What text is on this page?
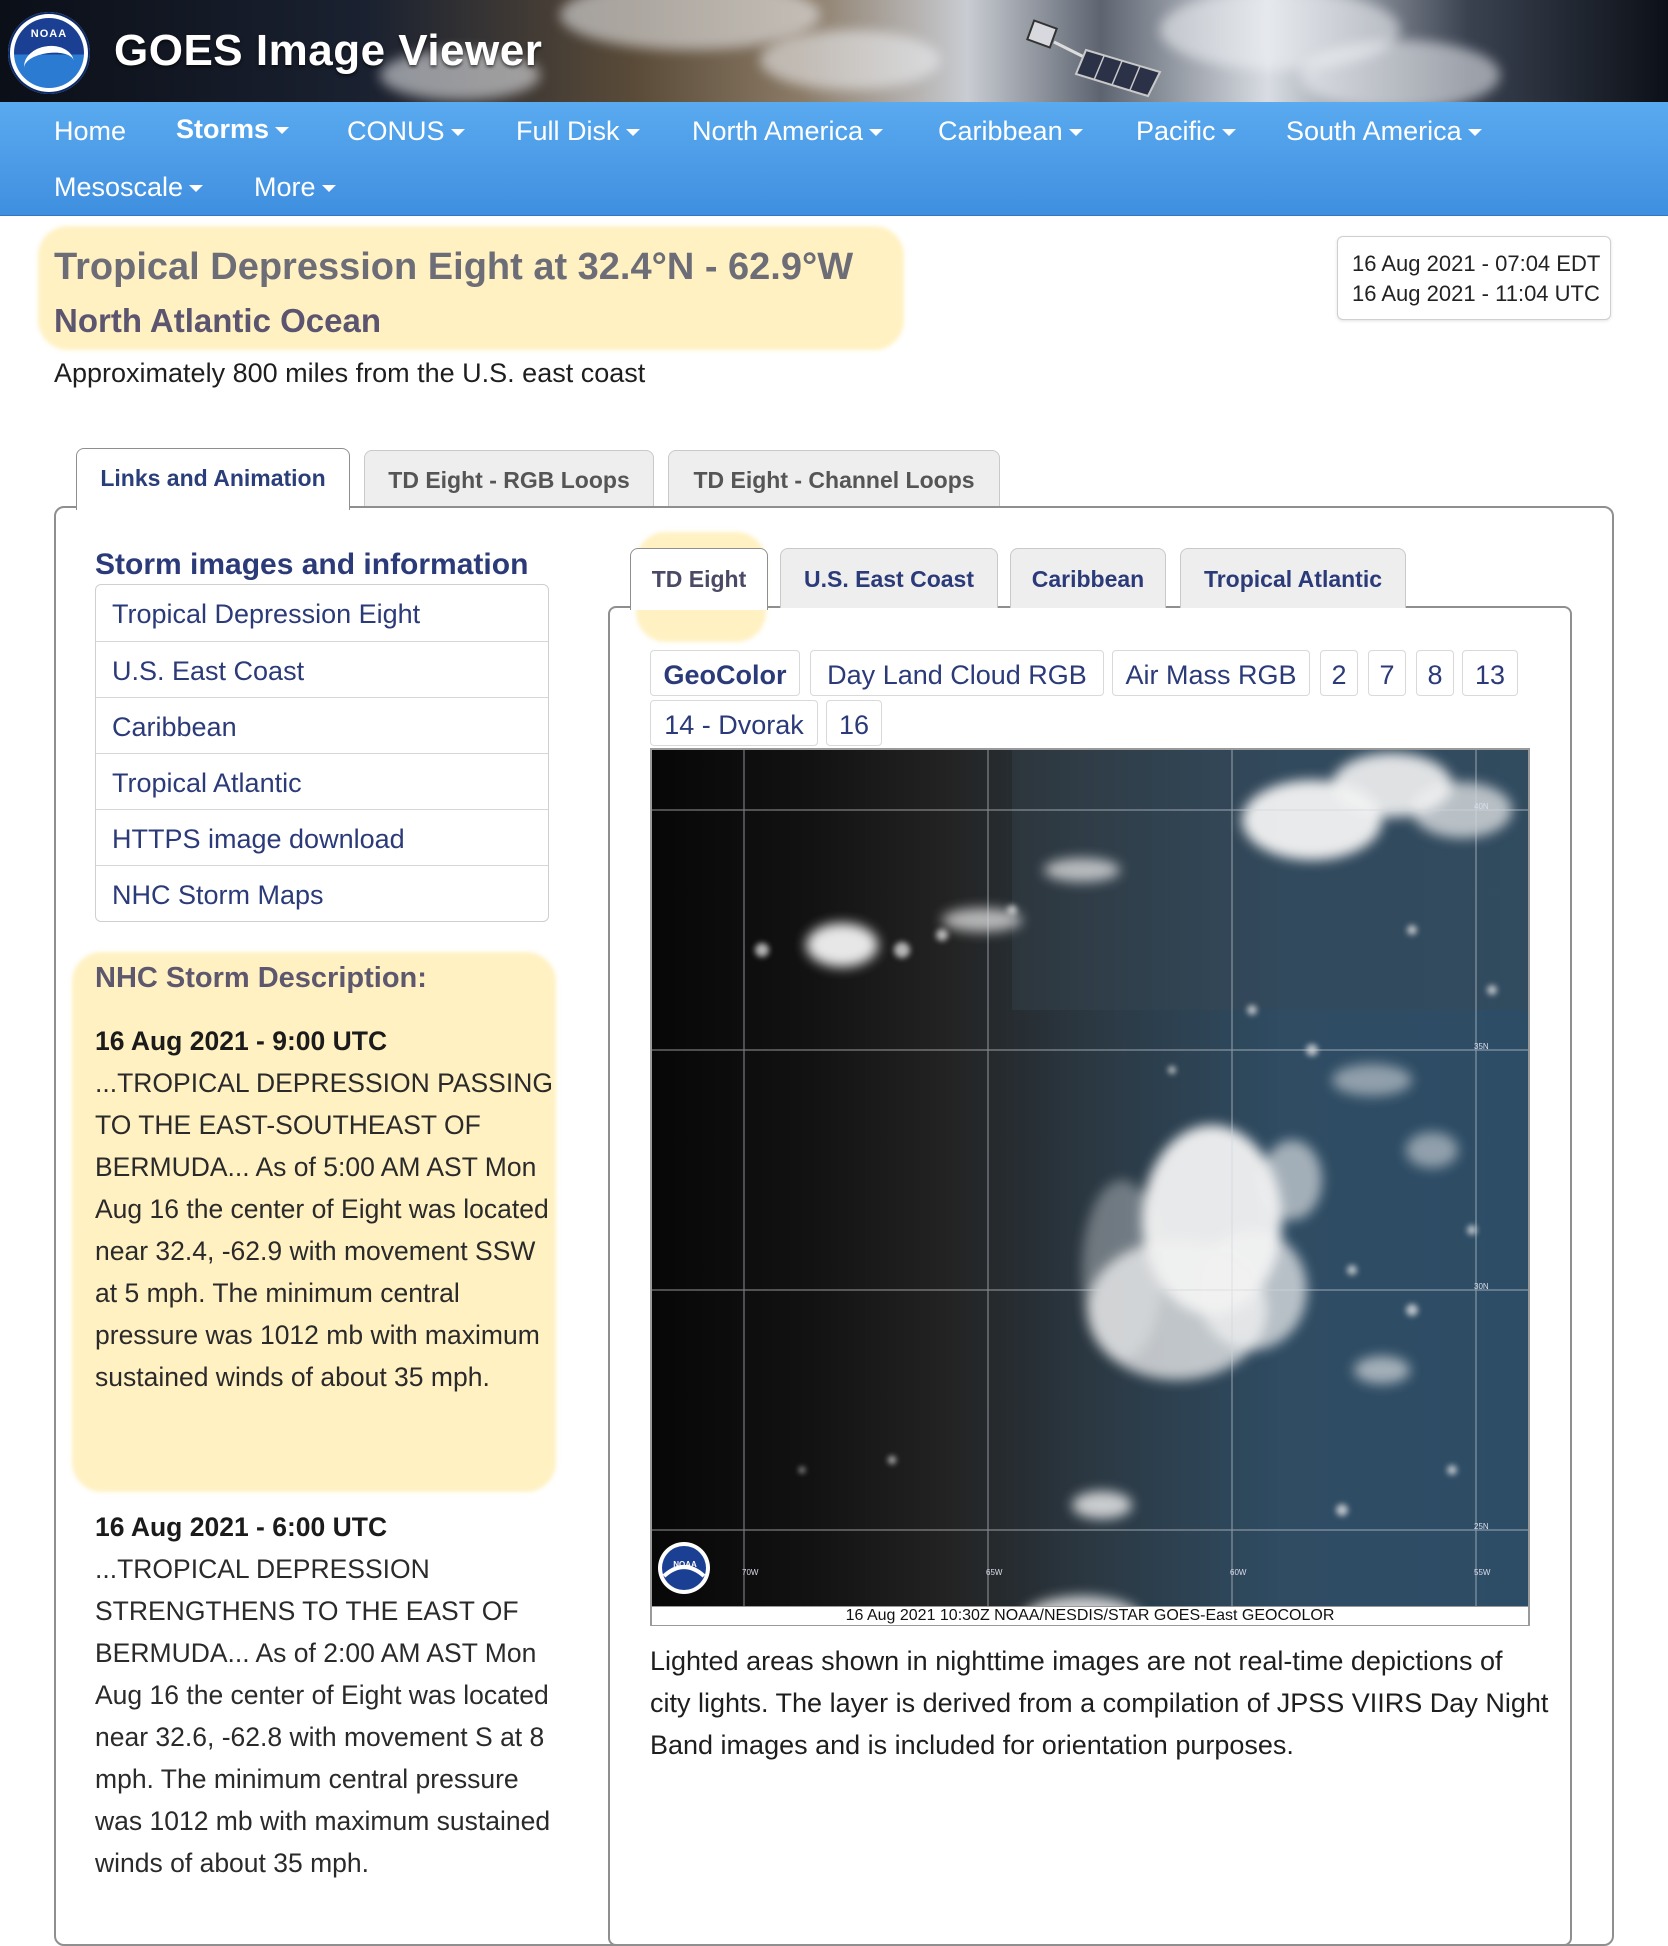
NOAA	GOES Image Viewer
Home Storms	CONUS	Full Disk	North America	Caribbean	Pacific	South America
Mesoscale	More
Tropical Depression Eight at 32.4°N - 62.9°W
North Atlantic Ocean
Approximately 800 miles from the U.S. east coast
16 Aug 2021 - 07:04 EDT
16 Aug 2021 - 11:04 UTC
Links and Animation	TD Eight - RGB Loops	TD Eight - Channel Loops
Storm images and information
Tropical Depression Eight
U.S. East Coast
Caribbean
Tropical Atlantic
HTTPS image download
NHC Storm Maps
NHC Storm Description:
16 Aug 2021 - 9:00 UTC
...TROPICAL DEPRESSION PASSING TO THE EAST-SOUTHEAST OF BERMUDA... As of 5:00 AM AST Mon Aug 16 the center of Eight was located near 32.4, -62.9 with movement SSW at 5 mph. The minimum central pressure was 1012 mb with maximum sustained winds of about 35 mph.
16 Aug 2021 - 6:00 UTC
...TROPICAL DEPRESSION STRENGTHENS TO THE EAST OF BERMUDA... As of 2:00 AM AST Mon Aug 16 the center of Eight was located near 32.6, -62.8 with movement S at 8 mph. The minimum central pressure was 1012 mb with maximum sustained winds of about 35 mph.
TD Eight	U.S. East Coast	Caribbean	Tropical Atlantic
GeoColor	Day Land Cloud RGB	Air Mass RGB	2	7	8	13
14 - Dvorak	16
NOAA
70W	65W	60W	55W
40N
35N
30N
25N
16 Aug 2021 10:30Z NOAA/NESDIS/STAR GOES-East GEOCOLOR
Lighted areas shown in nighttime images are not real-time depictions of city lights. The layer is derived from a compilation of JPSS VIIRS Day Night Band images and is included for orientation purposes.
